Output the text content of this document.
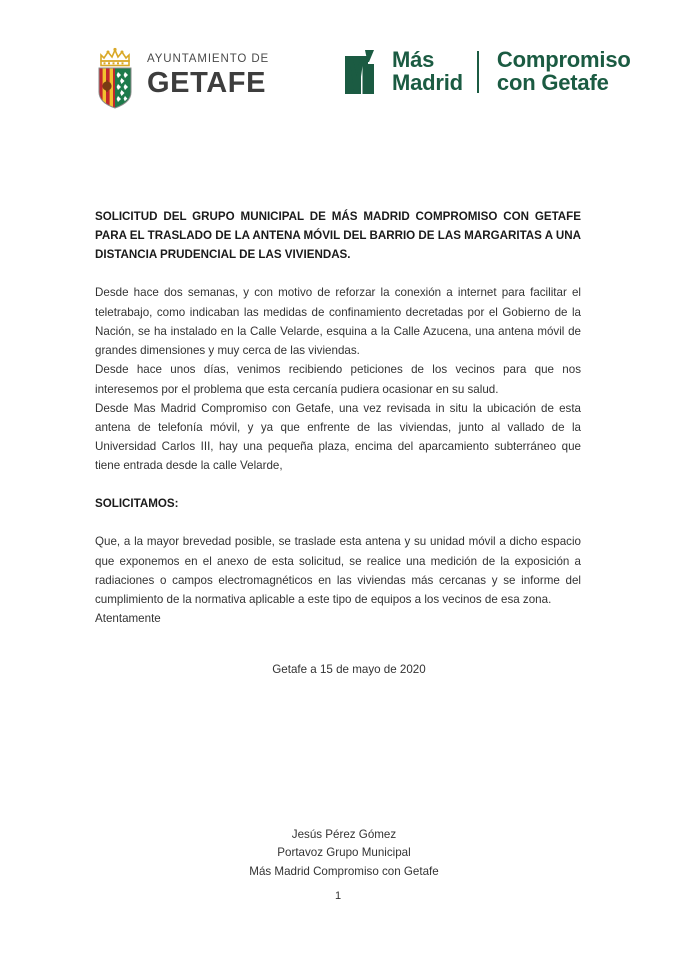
AYUNTAMIENTO DE
GETAFE
Más
Madrid
Compromiso
con Getafe

SOLICITUD DEL GRUPO MUNICIPAL DE MÁS MADRID COMPROMISO CON GETAFE PARA EL TRASLADO DE LA ANTENA MÓVIL DEL BARRIO DE LAS MARGARITAS A UNA DISTANCIA PRUDENCIAL DE LAS VIVIENDAS.

Desde hace dos semanas, y con motivo de reforzar la conexión a internet para facilitar el teletrabajo, como indicaban las medidas de confinamiento decretadas por el Gobierno de la Nación, se ha instalado en la Calle Velarde, esquina a la Calle Azucena, una antena móvil de grandes dimensiones y muy cerca de las viviendas.

Desde hace unos días, venimos recibiendo peticiones de los vecinos para que nos interesemos por el problema que esta cercanía pudiera ocasionar en su salud.

Desde Mas Madrid Compromiso con Getafe, una vez revisada in situ la ubicación de esta antena de telefonía móvil, y ya que enfrente de las viviendas, junto al vallado de la Universidad Carlos III, hay una pequeña plaza, encima del aparcamiento subterráneo que tiene entrada desde la calle Velarde,

SOLICITAMOS:

Que, a la mayor brevedad posible, se traslade esta antena y su unidad móvil a dicho espacio que exponemos en el anexo de esta solicitud, se realice una medición de la exposición a radiaciones o campos electromagnéticos en las viviendas más cercanas y se informe del cumplimiento de la normativa aplicable a este tipo de equipos a los vecinos de esa zona.

Atentamente

Getafe a 15 de mayo de 2020

Jesús Pérez Gómez
Portavoz Grupo Municipal
Más Madrid Compromiso con Getafe
1
